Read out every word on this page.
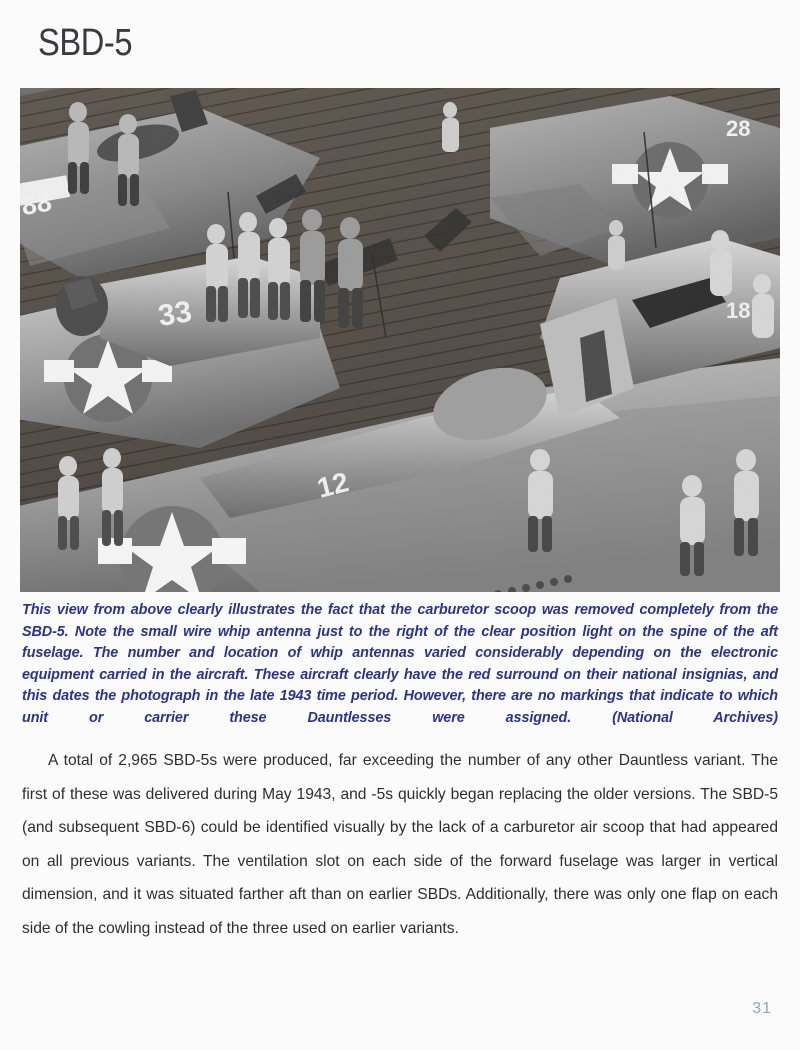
SBD-5
This view from above clearly illustrates the fact that the carburetor scoop was removed completely from the SBD-5. Note the small wire whip antenna just to the right of the clear position light on the spine of the aft fuselage. The number and location of whip antennas varied considerably depending on the electronic equipment carried in the aircraft. These aircraft clearly have the red surround on their national insignias, and this dates the photograph in the late 1943 time period. However, there are no markings that indicate to which unit or carrier these Dauntlesses were assigned. (National Archives)
A total of 2,965 SBD-5s were produced, far exceeding the number of any other Dauntless variant. The first of these was delivered during May 1943, and -5s quickly began replacing the older versions. The SBD-5 (and subsequent SBD-6) could be identified visually by the lack of a carburetor air scoop that had appeared on all previous variants. The ventilation slot on each side of the forward fuselage was larger in vertical dimension, and it was situated farther aft than on earlier SBDs. Additionally, there was only one flap on each side of the cowling instead of the three used on earlier variants.
31
